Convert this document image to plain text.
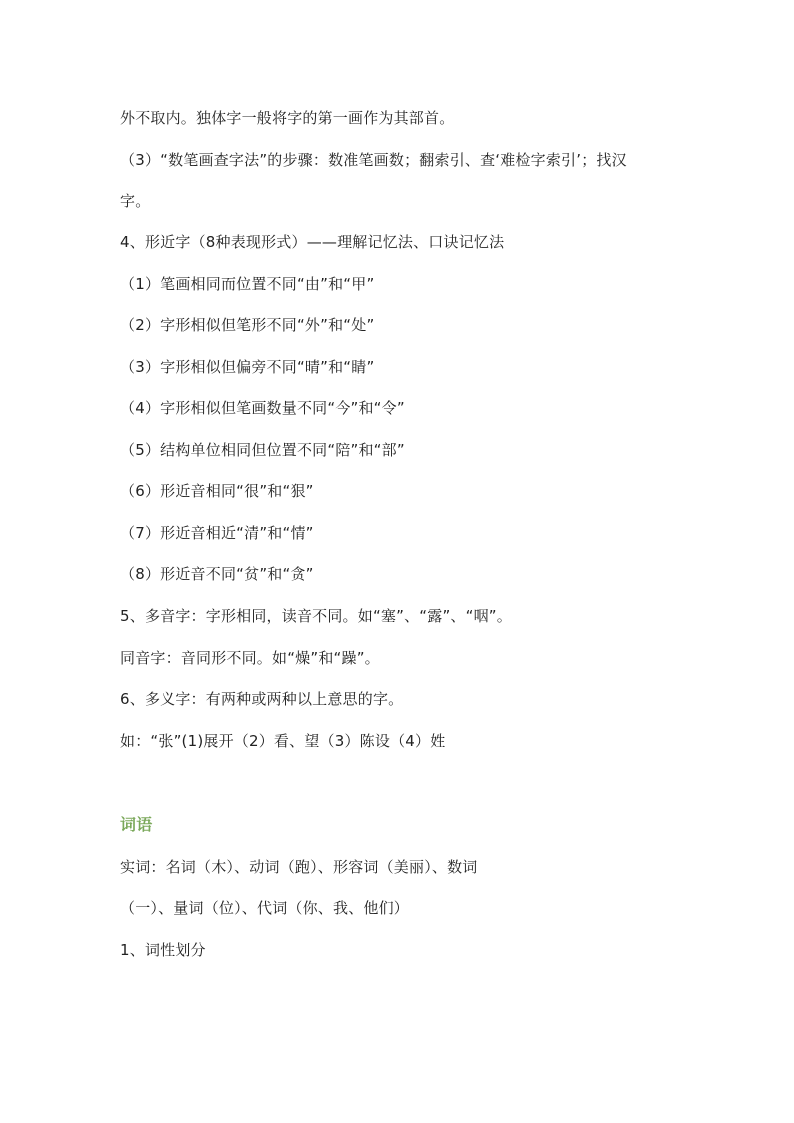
外不取内。独体字一般将字的第一画作为其部首。
（3）“数笔画查字法”的步骤：数准笔画数；翻索引、查‘难检字索引’；找汉
字。
4、形近字（8种表现形式）——理解记忆法、口诀记忆法
（1）笔画相同而位置不同“由”和“甲”
（2）字形相似但笔形不同“外”和“处”
（3）字形相似但偏旁不同“晴”和“睛”
（4）字形相似但笔画数量不同“今”和“令”
（5）结构单位相同但位置不同“陪”和“部”
（6）形近音相同“很”和“狠”
（7）形近音相近“清”和“情”
（8）形近音不同“贫”和“贪”
5、多音字：字形相同，读音不同。如“塞”、“露”、“咽”。
同音字：音同形不同。如“燥”和“躁”。
6、多义字：有两种或两种以上意思的字。
如：“张”(1)展开（2）看、望（3）陈设（4）姓
词语
实词：名词（木）、动词（跑）、形容词（美丽）、数词
（一）、量词（位）、代词（你、我、他们）
1、词性划分
